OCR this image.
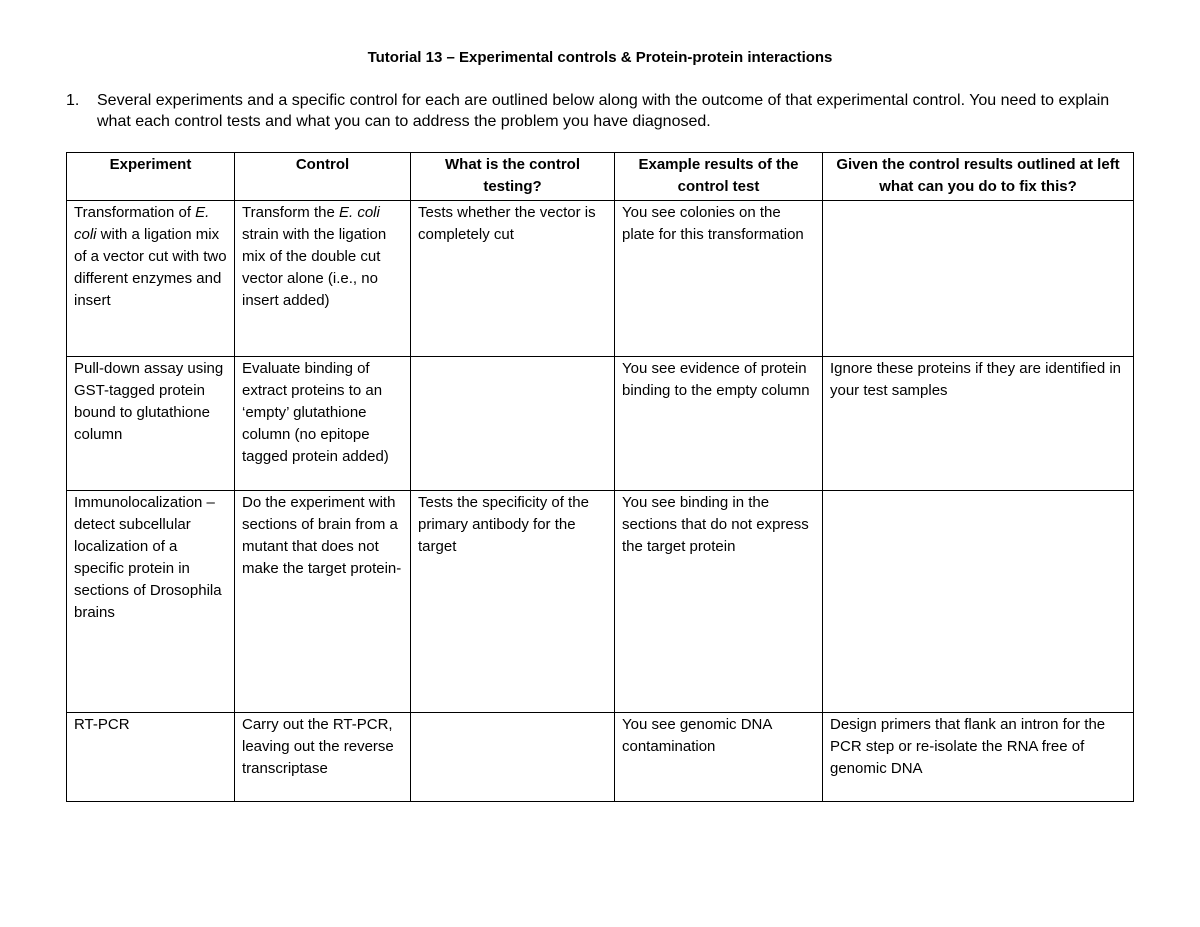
Tutorial 13 – Experimental controls & Protein-protein interactions
1. Several experiments and a specific control for each are outlined below along with the outcome of that experimental control. You need to explain what each control tests and what you can to address the problem you have diagnosed.
Experiment	Control	What is the control testing?	Example results of the control test	Given the control results outlined at left what can you do to fix this?
Transformation of E. coli with a ligation mix of a vector cut with two different enzymes and insert	Transform the E. coli strain with the ligation mix of the double cut vector alone (i.e., no insert added)	Tests whether the vector is completely cut	You see colonies on the plate for this transformation	
Pull-down assay using GST-tagged protein bound to glutathione column	Evaluate binding of extract proteins to an ‘empty’ glutathione column (no epitope tagged protein added)		You see evidence of protein binding to the empty column	Ignore these proteins if they are identified in your test samples
Immunolocalization – detect subcellular localization of a specific protein in sections of Drosophila brains	Do the experiment with sections of brain from a mutant that does not make the target protein-	Tests the specificity of the primary antibody for the target	You see binding in the sections that do not express the target protein	
RT-PCR	Carry out the RT-PCR, leaving out the reverse transcriptase		You see genomic DNA contamination	Design primers that flank an intron for the PCR step or re-isolate the RNA free of genomic DNA
